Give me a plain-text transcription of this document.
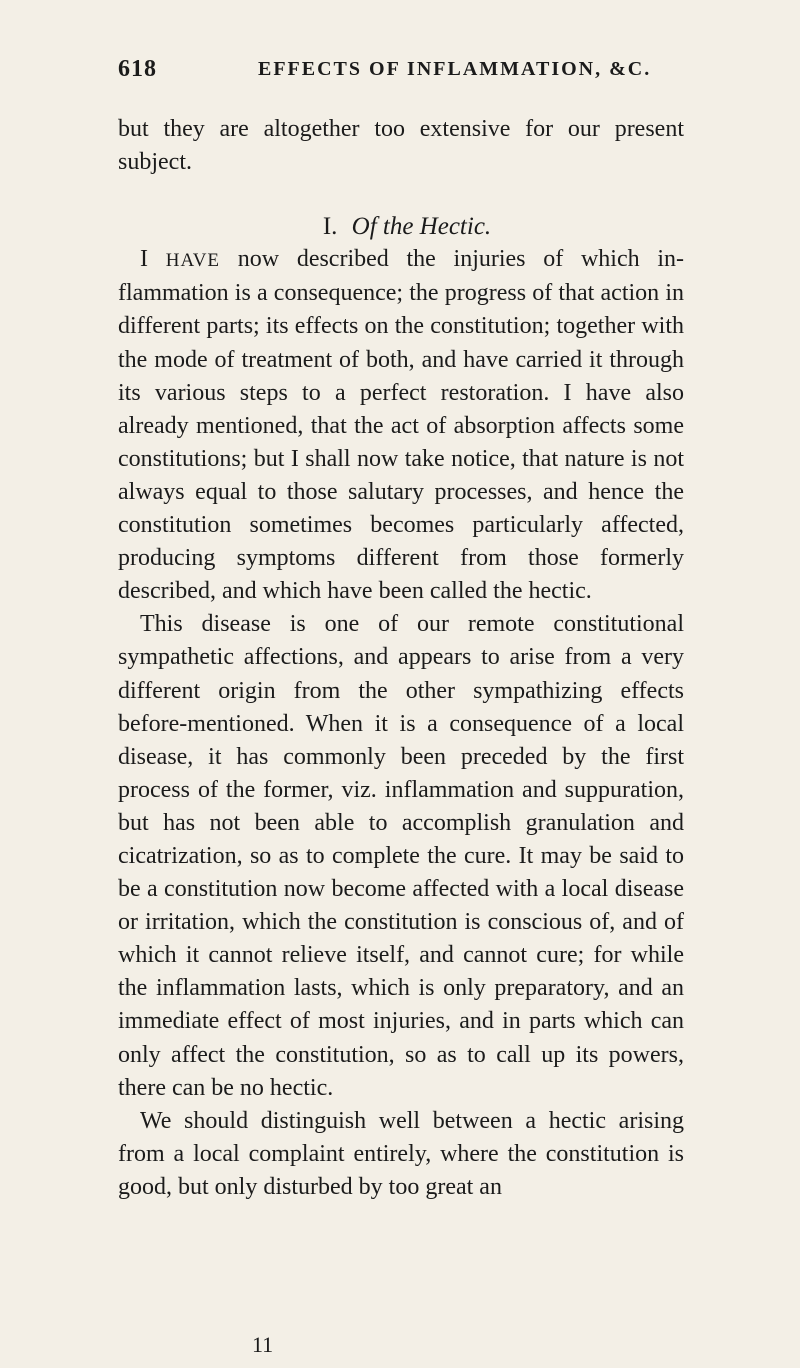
618	EFFECTS OF INFLAMMATION, &C.

but they are altogether too extensive for our present subject.

I. Of the Hectic.

I HAVE now described the injuries of which inflammation is a consequence; the progress of that action in different parts; its effects on the constitution; together with the mode of treatment of both, and have carried it through its various steps to a perfect restoration. I have also already mentioned, that the act of absorption affects some constitutions; but I shall now take notice, that nature is not always equal to those salutary processes, and hence the constitution sometimes becomes particularly affected, producing symptoms different from those formerly described, and which have been called the hectic.

This disease is one of our remote constitutional sympathetic affections, and appears to arise from a very different origin from the other sympathizing effects before-mentioned. When it is a consequence of a local disease, it has commonly been preceded by the first process of the former, viz. inflammation and suppuration, but has not been able to accomplish granulation and cicatrization, so as to complete the cure. It may be said to be a constitution now become affected with a local disease or irritation, which the constitution is conscious of, and of which it cannot relieve itself, and cannot cure; for while the inflammation lasts, which is only preparatory, and an immediate effect of most injuries, and in parts which can only affect the constitution, so as to call up its powers, there can be no hectic.

We should distinguish well between a hectic arising from a local complaint entirely, where the constitution is good, but only disturbed by too great an

11
